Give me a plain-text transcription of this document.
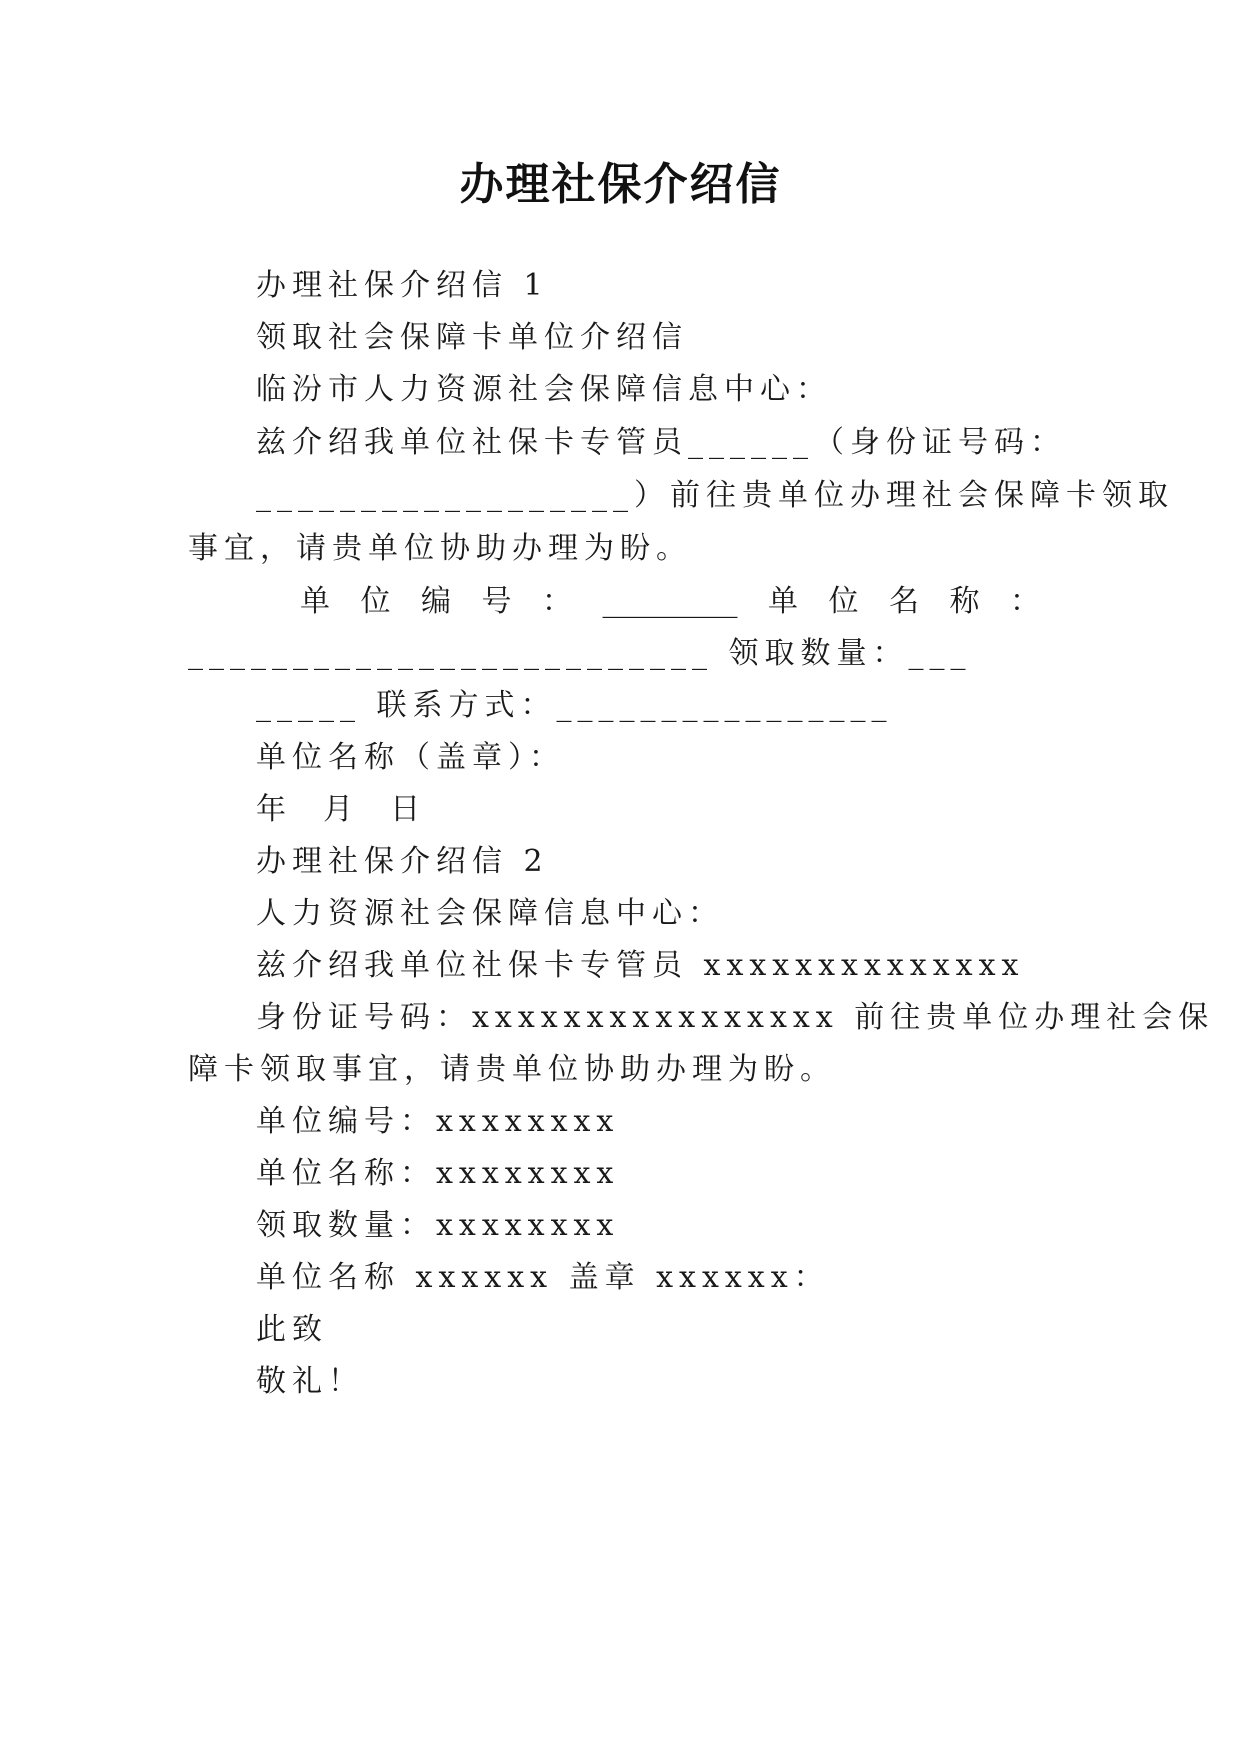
办理社保介绍信
办理社保介绍信 1
领取社会保障卡单位介绍信
临汾市人力资源社会保障信息中心：
兹介绍我单位社保卡专管员______（身份证号码：
__________________）前往贵单位办理社会保障卡领取
事宜，请贵单位协助办理为盼。
单 位 编 号 ： _________ 单 位 名 称 ：
_________________________ 领取数量：___
_____ 联系方式：________________
单位名称（盖章）：
年  月  日
办理社保介绍信 2
人力资源社会保障信息中心：
兹介绍我单位社保卡专管员 xxxxxxxxxxxxxx
身份证号码：xxxxxxxxxxxxxxxx 前往贵单位办理社会保
障卡领取事宜，请贵单位协助办理为盼。
单位编号：xxxxxxxx
单位名称：xxxxxxxx
领取数量：xxxxxxxx
单位名称 xxxxxx 盖章 xxxxxx：
此致
敬礼！
